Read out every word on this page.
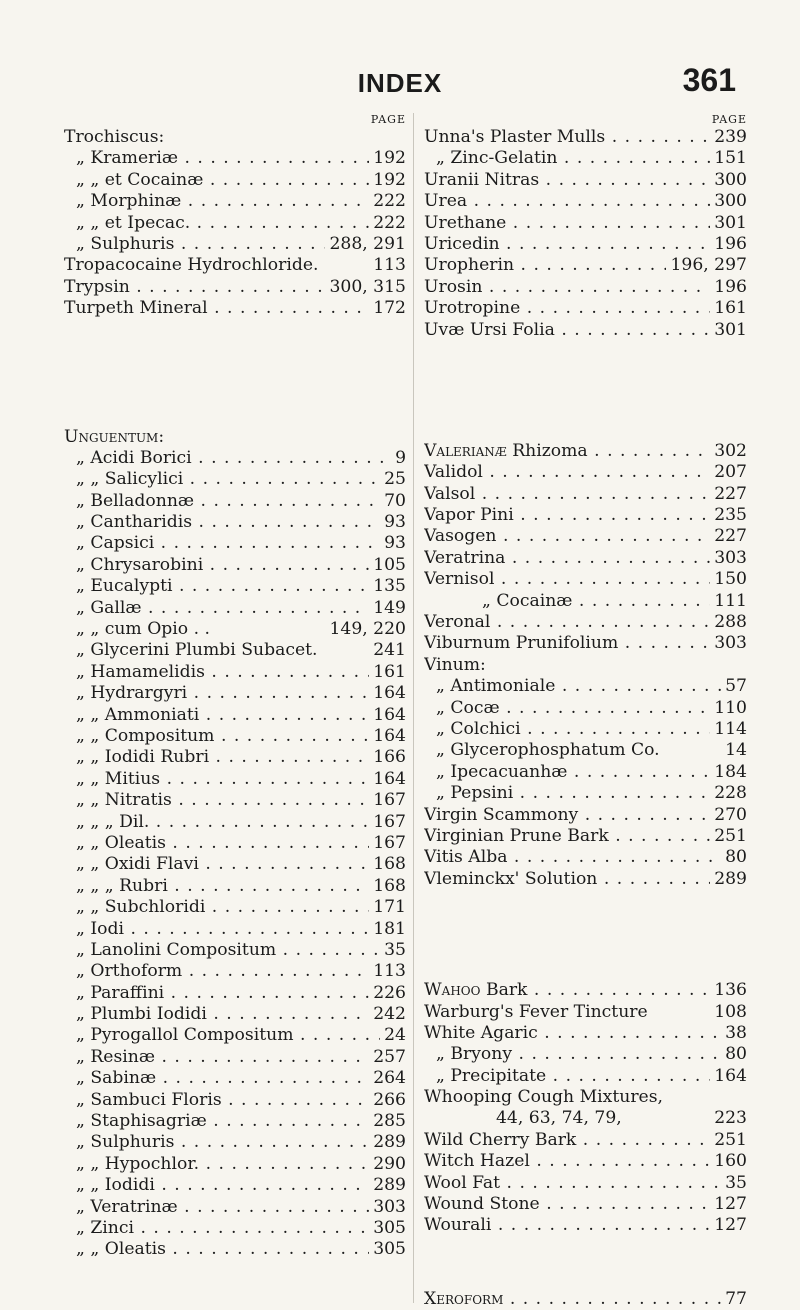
INDEX	361
PAGE
Trochiscus:
„ Krameriæ . . .	192
„ „ et Cocainæ . . .	192
„ Morphinæ . . .	222
„ „ et Ipecac. . . .	222
„ Sulphuris . . .	288, 291
Tropacocaine Hydrochloride.	113
Trypsin . . .	300, 315
Turpeth Mineral . . .	172
Unguentum:
„ Acidi Borici . . .	9
„ „ Salicylici . . .	25
„ Belladonnæ . . .	70
„ Cantharidis . . .	93
„ Capsici . . .	93
„ Chrysarobini . . .	105
„ Eucalypti . . .	135
„ Gallæ . . .	149
„ „ cum Opio . .	149, 220
„ Glycerini Plumbi Subacet.	241
„ Hamamelidis . . .	161
„ Hydrargyri . . .	164
„ „ Ammoniati . . .	164
„ „ Compositum . . .	164
„ „ Iodidi Rubri . . .	166
„ „ Mitius . . .	164
„ „ Nitratis . . .	167
„ „ „ Dil. . . .	167
„ „ Oleatis . . .	167
„ „ Oxidi Flavi . . .	168
„ „ „ Rubri . . .	168
„ „ Subchloridi . . .	171
„ Iodi . . .	181
„ Lanolini Compositum . . .	35
„ Orthoform . . .	113
„ Paraffini . . .	226
„ Plumbi Iodidi . . .	242
„ Pyrogallol Compositum . . .	24
„ Resinæ . . .	257
„ Sabinæ . . .	264
„ Sambuci Floris . . .	266
„ Staphisagriæ . . .	285
„ Sulphuris . . .	289
„ „ Hypochlor. . . .	290
„ „ Iodidi . . .	289
„ Veratrinæ . . .	303
„ Zinci . . .	305
„ „ Oleatis . . .	305
PAGE
Unna's Plaster Mulls . . .	239
„ Zinc-Gelatin . . .	151
Uranii Nitras . . .	300
Urea . . .	300
Urethane . . .	301
Uricedin . . .	196
Uropherin . . .	196, 297
Urosin . . .	196
Urotropine . . .	161
Uvæ Ursi Folia . . .	301
Valerianæ Rhizoma . . .	302
Validol . . .	207
Valsol . . .	227
Vapor Pini . . .	235
Vasogen . . .	227
Veratrina . . .	303
Vernisol . . .	150
„ Cocainæ . . .	111
Veronal . . .	288
Viburnum Prunifolium . . .	303
Vinum:
„ Antimoniale . . .	57
„ Cocæ . . .	110
„ Colchici . . .	114
„ Glycerophosphatum Co.	14
„ Ipecacuanhæ . . .	184
„ Pepsini . . .	228
Virgin Scammony . . .	270
Virginian Prune Bark . . .	251
Vitis Alba . . .	80
Vleminckx' Solution . . .	289
Wahoo Bark . . .	136
Warburg's Fever Tincture	108
White Agaric . . .	38
„ Bryony . . .	80
„ Precipitate . . .	164
Whooping Cough Mixtures,
44, 63, 74, 79,	223
Wild Cherry Bark . . .	251
Witch Hazel . . .	160
Wool Fat . . .	35
Wound Stone . . .	127
Wourali . . .	127
Xeroform . . .	77
